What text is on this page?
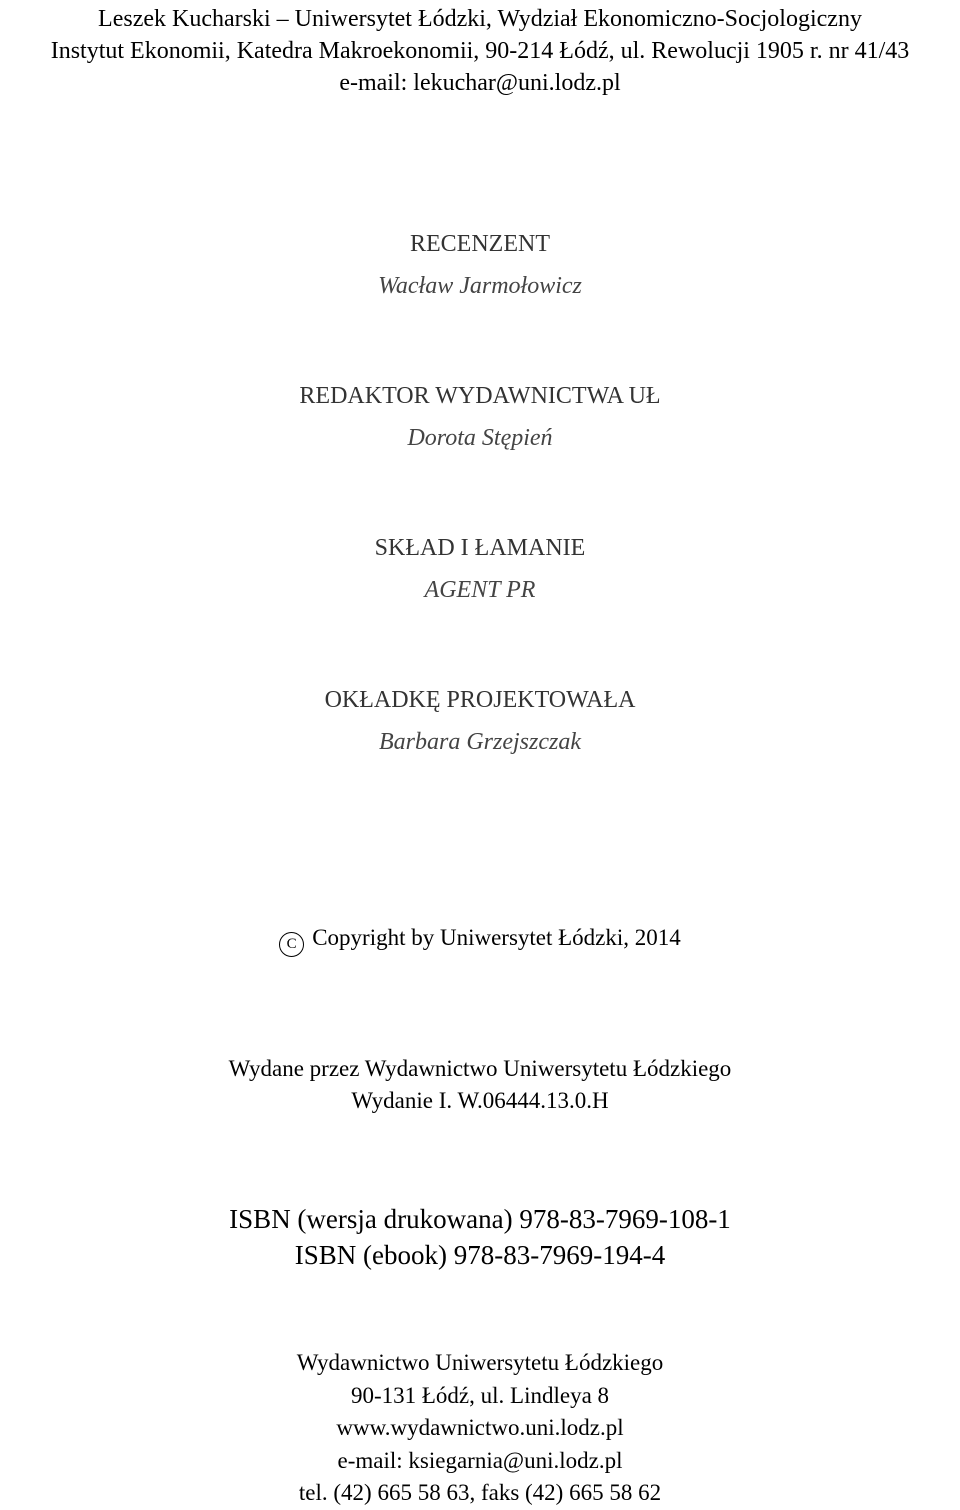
Leszek Kucharski – Uniwersytet Łódzki, Wydział Ekonomiczno-Socjologiczny
Instytut Ekonomii, Katedra Makroekonomii, 90-214 Łódź, ul. Rewolucji 1905 r. nr 41/43
e-mail: lekuchar@uni.lodz.pl
RECENZENT
Wacław Jarmołowicz
REDAKTOR WYDAWNICTWA UŁ
Dorota Stępień
SKŁAD I ŁAMANIE
AGENT PR
OKŁADKĘ PROJEKTOWAŁA
Barbara Grzejszczak
C Copyright by Uniwersytet Łódzki, 2014
Wydane przez Wydawnictwo Uniwersytetu Łódzkiego
Wydanie I. W.06444.13.0.H
ISBN (wersja drukowana) 978-83-7969-108-1
ISBN (ebook) 978-83-7969-194-4
Wydawnictwo Uniwersytetu Łódzkiego
90-131 Łódź, ul. Lindleya 8
www.wydawnictwo.uni.lodz.pl
e-mail: ksiegarnia@uni.lodz.pl
tel. (42) 665 58 63, faks (42) 665 58 62
